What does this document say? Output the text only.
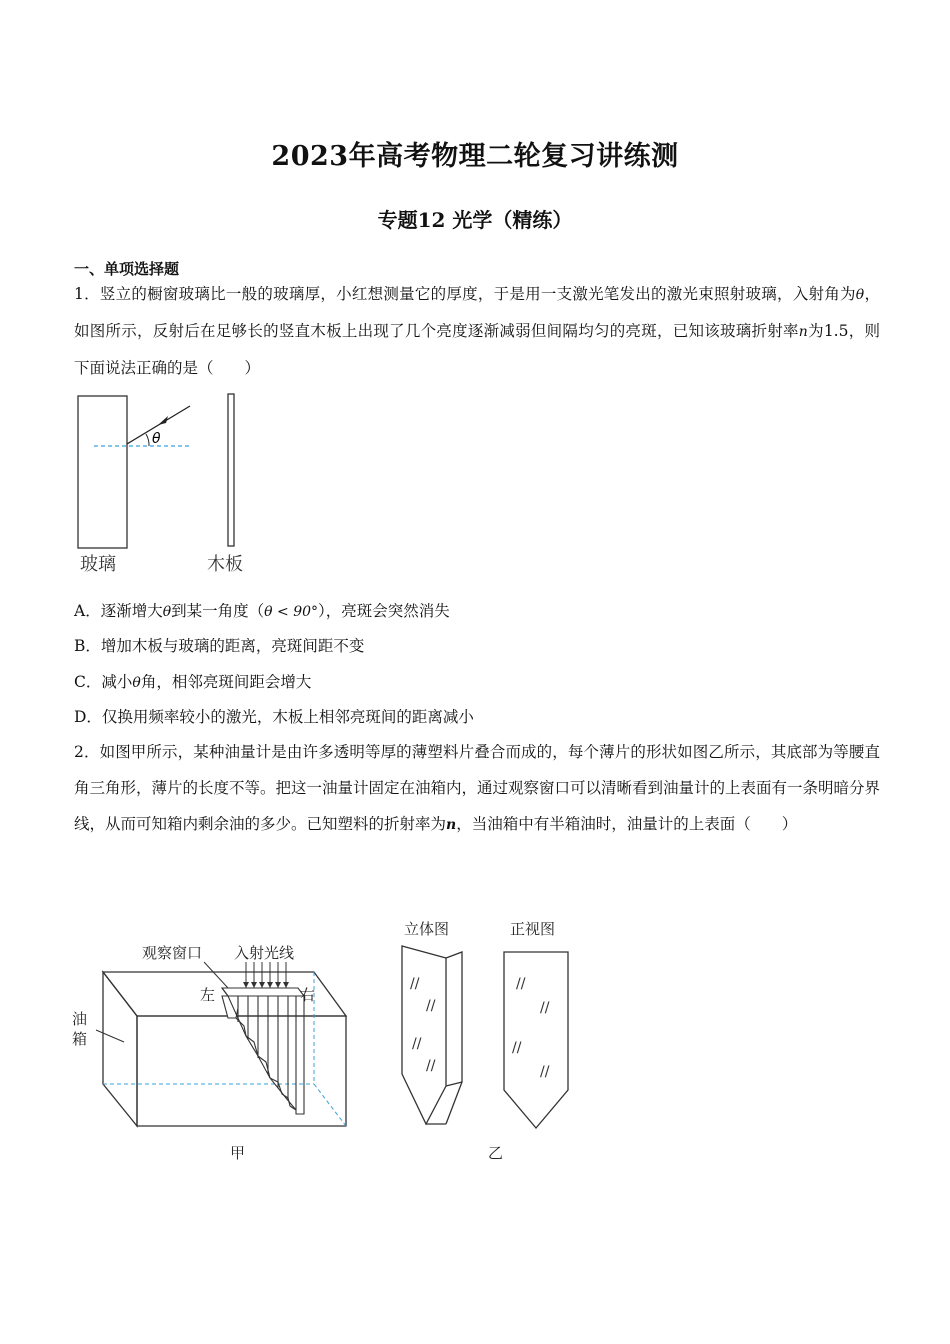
2023年高考物理二轮复习讲练测
专题12 光学（精练）
一、单项选择题
1．竖立的橱窗玻璃比一般的玻璃厚，小红想测量它的厚度，于是用一支激光笔发出的激光束照射玻璃，入射角为θ，如图所示，反射后在足够长的竖直木板上出现了几个亮度逐渐减弱但间隔均匀的亮斑，已知该玻璃折射率n为1.5，则下面说法正确的是（　　）
θ
玻璃	木板
A．逐渐增大θ到某一角度（θ < 90°），亮斑会突然消失
B．增加木板与玻璃的距离，亮斑间距不变
C．减小θ角，相邻亮斑间距会增大
D．仅换用频率较小的激光，木板上相邻亮斑间的距离减小
2．如图甲所示，某种油量计是由许多透明等厚的薄塑料片叠合而成的，每个薄片的形状如图乙所示，其底部为等腰直角三角形，薄片的长度不等。把这一油量计固定在油箱内，通过观察窗口可以清晰看到油量计的上表面有一条明暗分界线，从而可知箱内剩余油的多少。已知塑料的折射率为n，当油箱中有半箱油时，油量计的上表面（　　）
观察窗口 入射光线
左	右
油
箱
甲
立体图	正视图
//
//
//
//
//
//
//
//
乙
